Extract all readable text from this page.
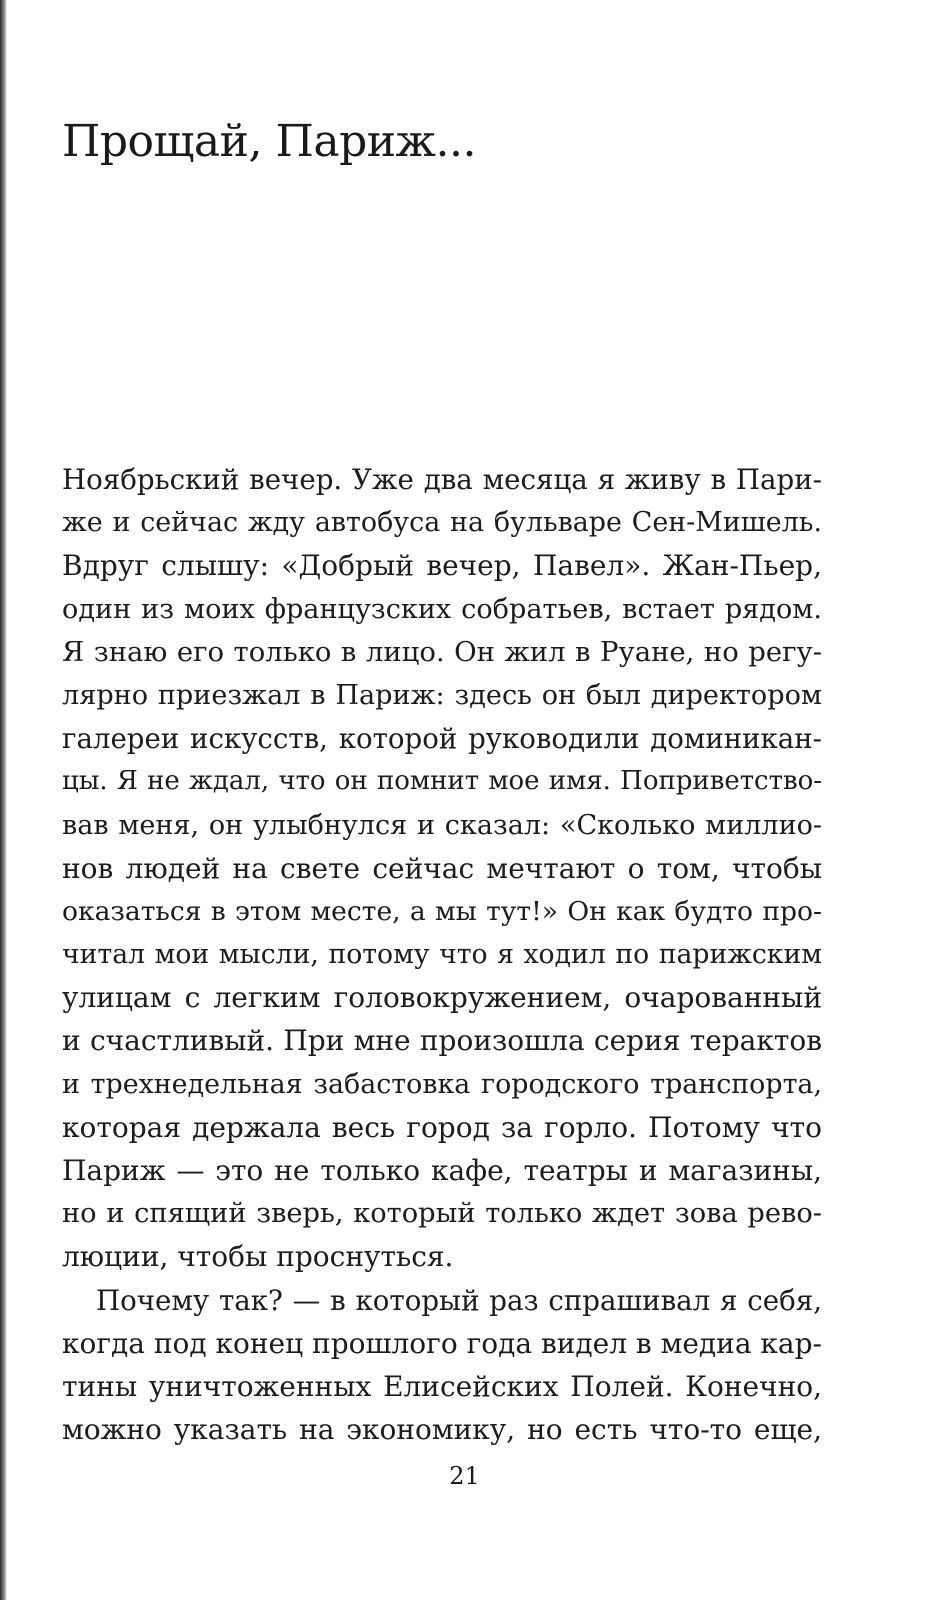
Прощай, Париж...
Ноябрьский вечер. Уже два месяца я живу в Пари-
же и сейчас жду автобуса на бульваре Сен-Мишель.
Вдруг слышу: «Добрый вечер, Павел». Жан-Пьер,
один из моих французских собратьев, встает рядом.
Я знаю его только в лицо. Он жил в Руане, но регу-
лярно приезжал в Париж: здесь он был директором
галереи искусств, которой руководили доминикан-
цы. Я не ждал, что он помнит мое имя. Поприветство-
вав меня, он улыбнулся и сказал: «Сколько миллио-
нов людей на свете сейчас мечтают о том, чтобы
оказаться в этом месте, а мы тут!» Он как будто про-
читал мои мысли, потому что я ходил по парижским
улицам с легким головокружением, очарованный
и счастливый. При мне произошла серия терактов
и трехнедельная забастовка городского транспорта,
которая держала весь город за горло. Потому что
Париж — это не только кафе, театры и магазины,
но и спящий зверь, который только ждет зова рево-
люции, чтобы проснуться.
Почему так? — в который раз спрашивал я себя,
когда под конец прошлого года видел в медиа кар-
тины уничтоженных Елисейских Полей. Конечно,
можно указать на экономику, но есть что-то еще,
21
